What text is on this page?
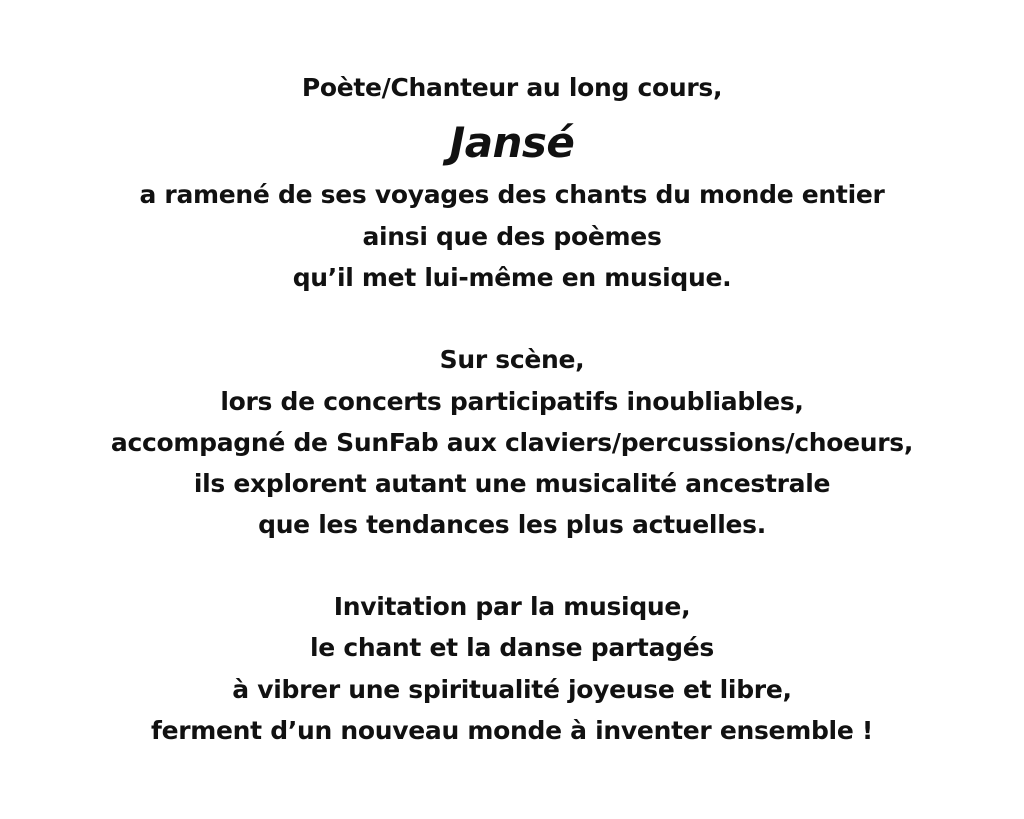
Poète/Chanteur au long cours,
Jansé
a ramené de ses voyages des chants du monde entier
ainsi que des poèmes
qu’il met lui-même en musique.
Sur scène,
lors de concerts participatifs inoubliables,
accompagné de SunFab aux claviers/percussions/choeurs,
ils explorent autant une musicalité ancestrale
que les tendances les plus actuelles.
Invitation par la musique,
le chant et la danse partagés
à vibrer une spiritualité joyeuse et libre,
ferment d’un nouveau monde à inventer ensemble !
